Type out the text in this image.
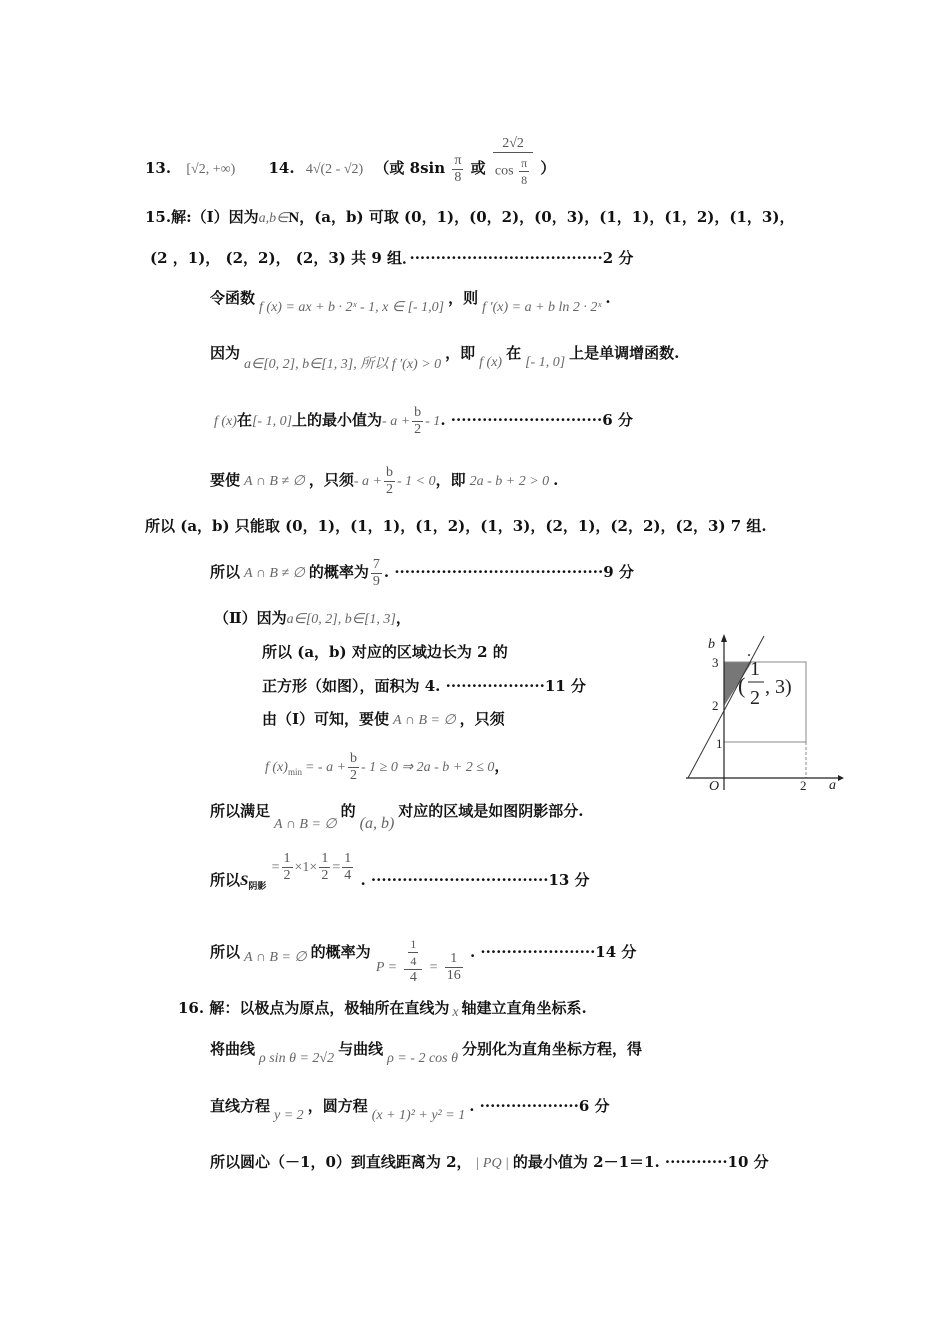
13. [√2, +∞) 14. 4√(2 - √2) （或 $8\sin \frac{\pi}{8}$ 或 $\frac{2√2}{\cos \frac{\pi}{8}}$ ）
15.解:（Ⅰ）因为a,b∈N，(a，b) 可取 (0，1)，(0，2)，(0，3)，(1，1)，(1，2)，(1，3)，
(2 ，1)， (2，2)， (2，3) 共 9 组．·····································2 分
令函数f (x) = ax + b · 2ˣ - 1, x ∈ [- 1,0]，则f ′(x) = a + b ln 2 · 2ˣ.
因为a∈[0, 2], b∈[1, 3], 所以 f ′(x) > 0，即f (x)在[- 1, 0]上是单调增函数.
f (x)在[- 1, 0]上的最小值为- $a + \frac{b}{2} - 1$. ·····························6 分
要使 A ∩ B ≠ ∅ ，只须- $a + \frac{b}{2} - 1 < 0$，即 2a - b + 2 > 0 .
所以 (a，b) 只能取 (0，1)，(1，1)，(1，2)，(1，3)，(2，1)，(2，2)，(2，3) 7 组.
所以 A ∩ B ≠ ∅ 的概率为 $\frac{7}{9}$ . ········································9 分
（Ⅱ）因为a∈[0, 2], b∈[1, 3]，
所以 (a，b) 对应的区域边长为 2 的
正方形（如图），面积为 4. ···················11 分
由（Ⅰ）可知，要使 A ∩ B = ∅ ，只须
f $(x)_{min}$ = - $a + \frac{b}{2} - 1 \ge 0$ ⇒ 2a - b + 2 ≤ 0，
所以满足A ∩ B = ∅的(a, b)对应的区域是如图阴影部分.
所以$S_{阴影} = \frac{1}{2} \times 1\times \frac{1}{2} = \frac{1}{4}$ . ··································13 分
所以 A ∩ B = ∅ 的概率为 $P = \frac{\frac{1}{4}}{4} = \frac{1}{16}$ . ······················14 分
16. 解：以极点为原点，极轴所在直线为 x 轴建立直角坐标系.
将曲线ρ sin θ = 2√2与曲线ρ = - 2 cos θ分别化为直角坐标方程，得
直线方程y = 2，圆方程(x + 1)² + y² = 1. ···················6 分
所以圆心（－1，0）到直线距离为 2， | PQ | 的最小值为 2－1＝1. ············10 分
b
a
O
3
2
1
2
.
(
1
2 , 3)
